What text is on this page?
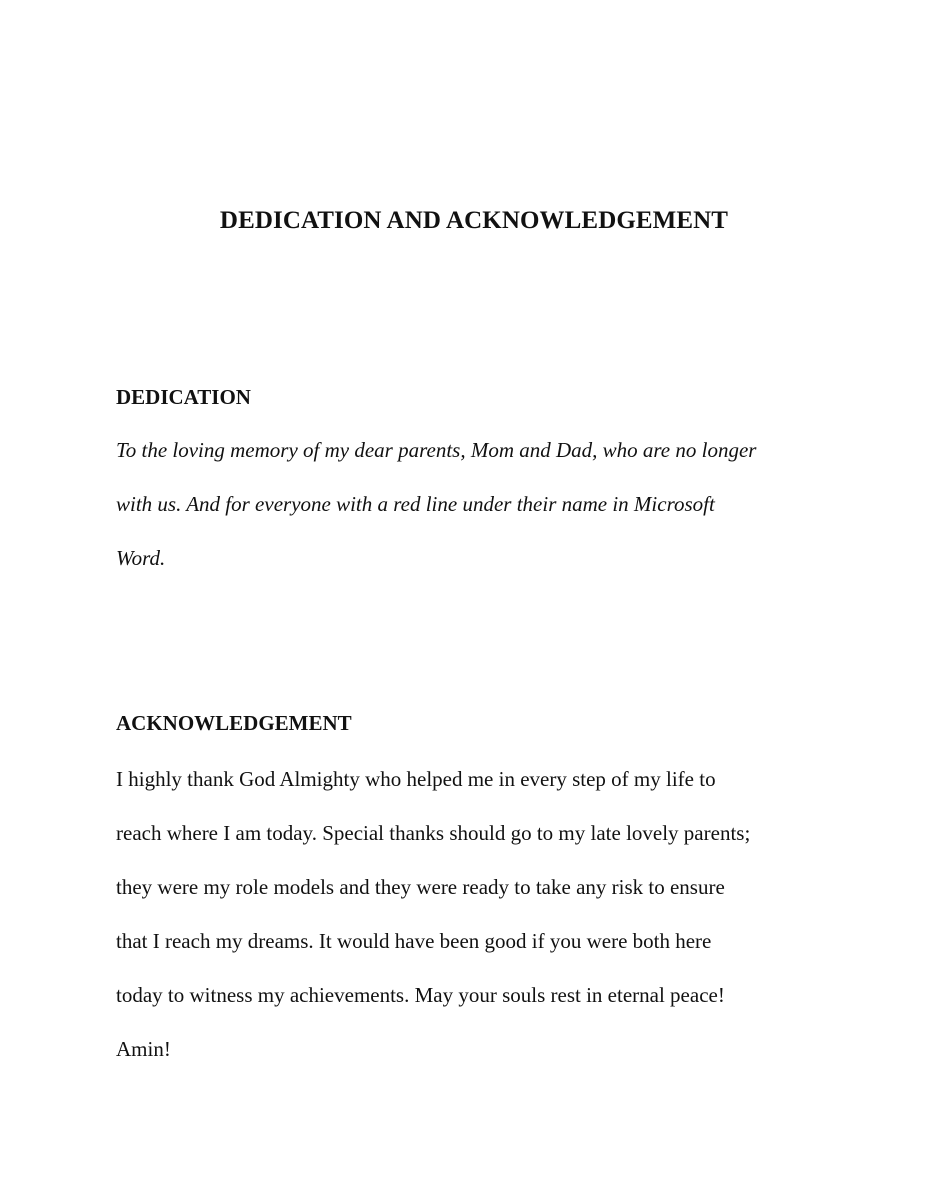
DEDICATION AND ACKNOWLEDGEMENT
DEDICATION
To the loving memory of my dear parents, Mom and Dad, who are no longer
with us. And for everyone with a red line under their name in Microsoft
Word.
ACKNOWLEDGEMENT
I highly thank God Almighty who helped me in every step of my life to
reach where I am today. Special thanks should go to my late lovely parents;
they were my role models and they were ready to take any risk to ensure
that I reach my dreams. It would have been good if you were both here
today to witness my achievements. May your souls rest in eternal peace!
Amin!
